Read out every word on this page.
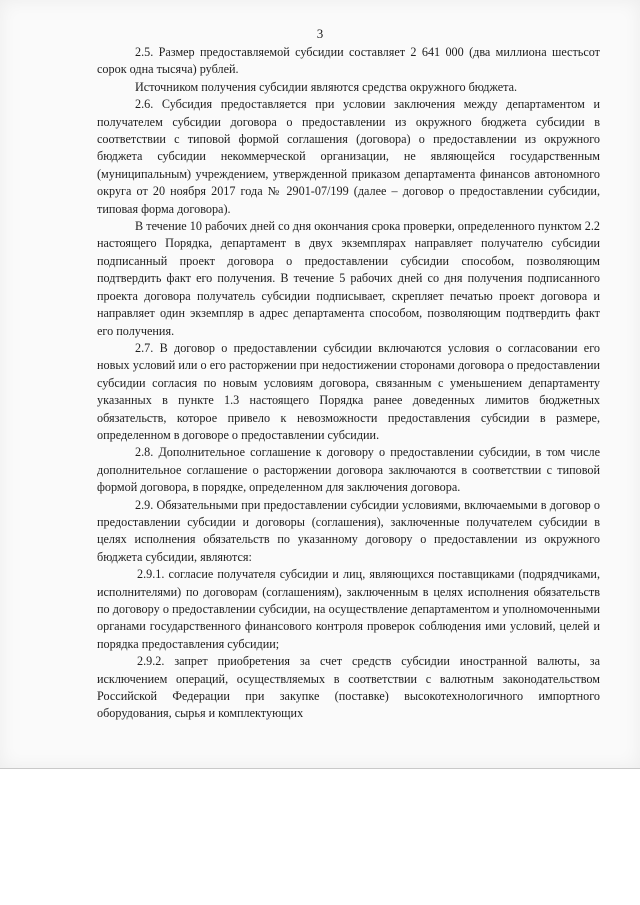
3

2.5. Размер предоставляемой субсидии составляет 2 641 000 (два миллиона шестьсот сорок одна тысяча) рублей.

Источником получения субсидии являются средства окружного бюджета.

2.6. Субсидия предоставляется при условии заключения между департаментом и получателем субсидии договора о предоставлении из окружного бюджета субсидии в соответствии с типовой формой соглашения (договора) о предоставлении из окружного бюджета субсидии некоммерческой организации, не являющейся государственным (муниципальным) учреждением, утвержденной приказом департамента финансов автономного округа от 20 ноября 2017 года № 2901-07/199 (далее – договор о предоставлении субсидии, типовая форма договора).

В течение 10 рабочих дней со дня окончания срока проверки, определенного пунктом 2.2 настоящего Порядка, департамент в двух экземплярах направляет получателю субсидии подписанный проект договора о предоставлении субсидии способом, позволяющим подтвердить факт его получения. В течение 5 рабочих дней со дня получения подписанного проекта договора получатель субсидии подписывает, скрепляет печатью проект договора и направляет один экземпляр в адрес департамента способом, позволяющим подтвердить факт его получения.

2.7. В договор о предоставлении субсидии включаются условия о согласовании его новых условий или о его расторжении при недостижении сторонами договора о предоставлении субсидии согласия по новым условиям договора, связанным с уменьшением департаменту указанных в пункте 1.3 настоящего Порядка ранее доведенных лимитов бюджетных обязательств, которое привело к невозможности предоставления субсидии в размере, определенном в договоре о предоставлении субсидии.

2.8. Дополнительное соглашение к договору о предоставлении субсидии, в том числе дополнительное соглашение о расторжении договора заключаются в соответствии с типовой формой договора, в порядке, определенном для заключения договора.

2.9. Обязательными при предоставлении субсидии условиями, включаемыми в договор о предоставлении субсидии и договоры (соглашения), заключенные получателем субсидии в целях исполнения обязательств по указанному договору о предоставлении из окружного бюджета субсидии, являются:

2.9.1. согласие получателя субсидии и лиц, являющихся поставщиками (подрядчиками, исполнителями) по договорам (соглашениям), заключенным в целях исполнения обязательств по договору о предоставлении субсидии, на осуществление департаментом и уполномоченными органами государственного финансового контроля проверок соблюдения ими условий, целей и порядка предоставления субсидии;

2.9.2. запрет приобретения за счет средств субсидии иностранной валюты, за исключением операций, осуществляемых в соответствии с валютным законодательством Российской Федерации при закупке (поставке) высокотехнологичного импортного оборудования, сырья и комплектующих
